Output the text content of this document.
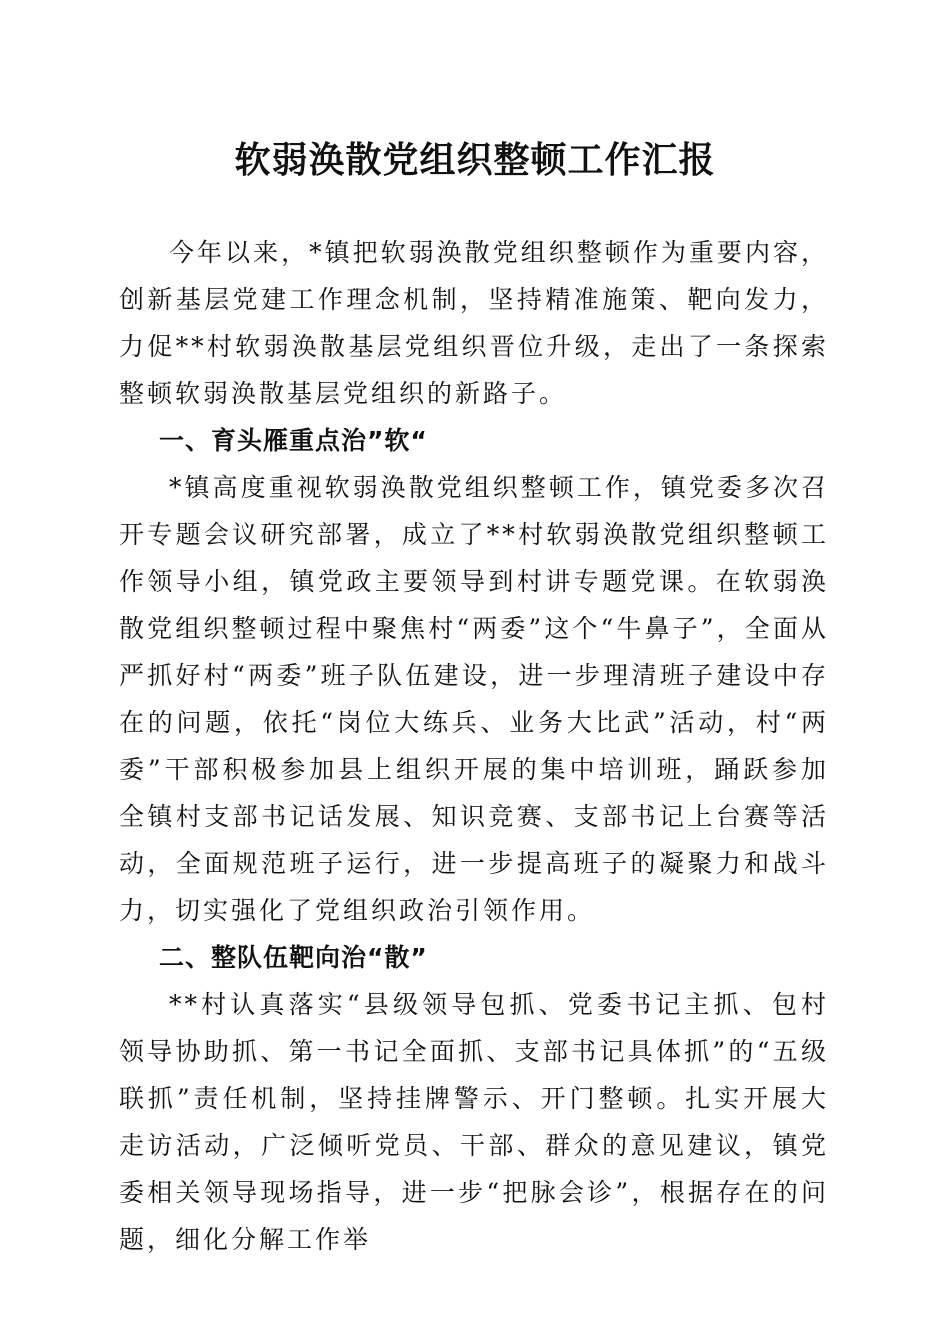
软弱涣散党组织整顿工作汇报

今年以来，*镇把软弱涣散党组织整顿作为重要内容，创新基层党建工作理念机制，坚持精准施策、靶向发力，力促**村软弱涣散基层党组织晋位升级，走出了一条探索整顿软弱涣散基层党组织的新路子。

一、育头雁重点治”软“

*镇高度重视软弱涣散党组织整顿工作，镇党委多次召开专题会议研究部署，成立了**村软弱涣散党组织整顿工作领导小组，镇党政主要领导到村讲专题党课。在软弱涣散党组织整顿过程中聚焦村“两委”这个“牛鼻子”，全面从严抓好村“两委”班子队伍建设，进一步理清班子建设中存在的问题，依托“岗位大练兵、业务大比武”活动，村“两委”干部积极参加县上组织开展的集中培训班，踊跃参加全镇村支部书记话发展、知识竞赛、支部书记上台赛等活动，全面规范班子运行，进一步提高班子的凝聚力和战斗力，切实强化了党组织政治引领作用。

二、整队伍靶向治“散”

**村认真落实“县级领导包抓、党委书记主抓、包村领导协助抓、第一书记全面抓、支部书记具体抓”的“五级联抓”责任机制，坚持挂牌警示、开门整顿。扎实开展大走访活动，广泛倾听党员、干部、群众的意见建议，镇党委相关领导现场指导，进一步“把脉会诊”，根据存在的问题，细化分解工作举
